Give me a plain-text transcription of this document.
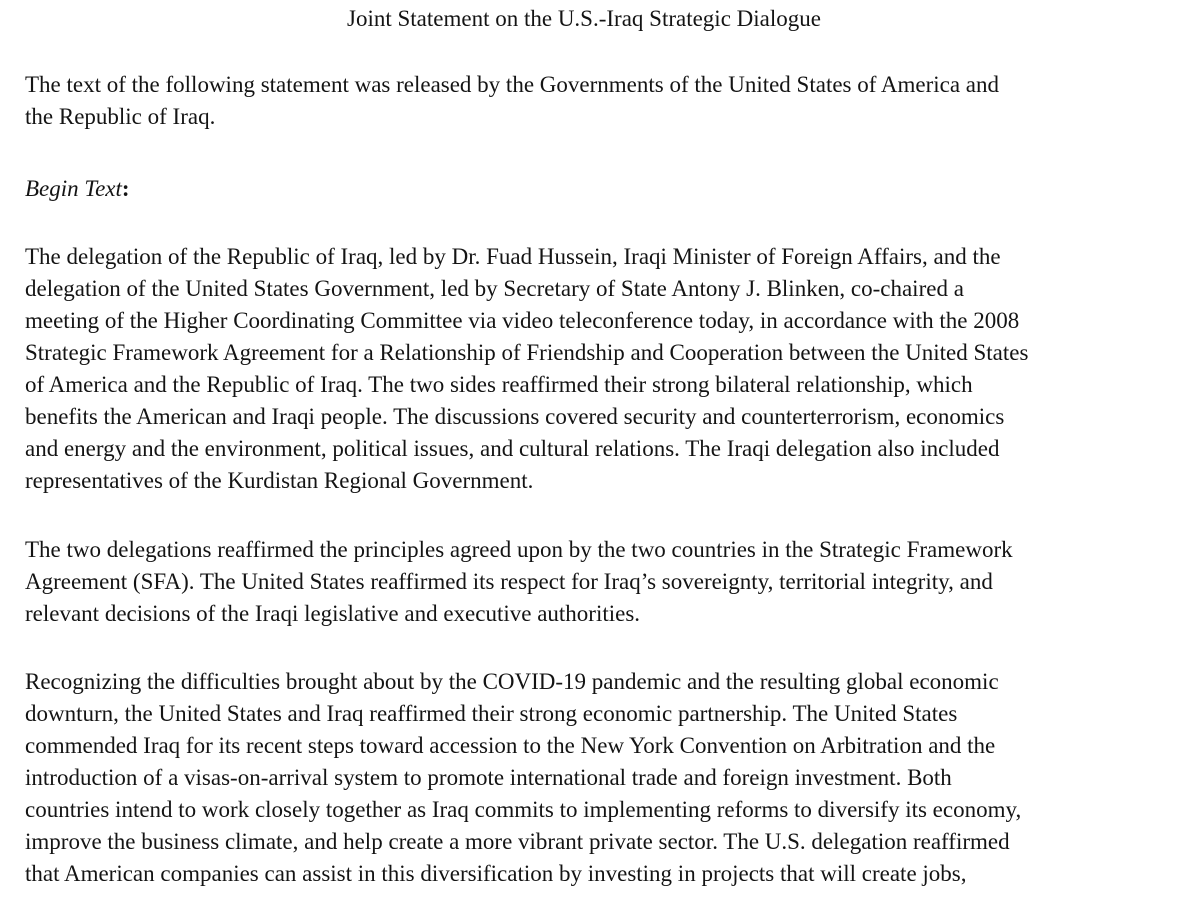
Joint Statement on the U.S.-Iraq Strategic Dialogue
The text of the following statement was released by the Governments of the United States of America and
the Republic of Iraq.
Begin Text:
The delegation of the Republic of Iraq, led by Dr. Fuad Hussein, Iraqi Minister of Foreign Affairs, and the
delegation of the United States Government, led by Secretary of State Antony J. Blinken, co-chaired a
meeting of the Higher Coordinating Committee via video teleconference today, in accordance with the 2008
Strategic Framework Agreement for a Relationship of Friendship and Cooperation between the United States
of America and the Republic of Iraq. The two sides reaffirmed their strong bilateral relationship, which
benefits the American and Iraqi people. The discussions covered security and counterterrorism, economics
and energy and the environment, political issues, and cultural relations. The Iraqi delegation also included
representatives of the Kurdistan Regional Government.
The two delegations reaffirmed the principles agreed upon by the two countries in the Strategic Framework
Agreement (SFA). The United States reaffirmed its respect for Iraq’s sovereignty, territorial integrity, and
relevant decisions of the Iraqi legislative and executive authorities.
Recognizing the difficulties brought about by the COVID-19 pandemic and the resulting global economic
downturn, the United States and Iraq reaffirmed their strong economic partnership. The United States
commended Iraq for its recent steps toward accession to the New York Convention on Arbitration and the
introduction of a visas-on-arrival system to promote international trade and foreign investment. Both
countries intend to work closely together as Iraq commits to implementing reforms to diversify its economy,
improve the business climate, and help create a more vibrant private sector. The U.S. delegation reaffirmed
that American companies can assist in this diversification by investing in projects that will create jobs,
